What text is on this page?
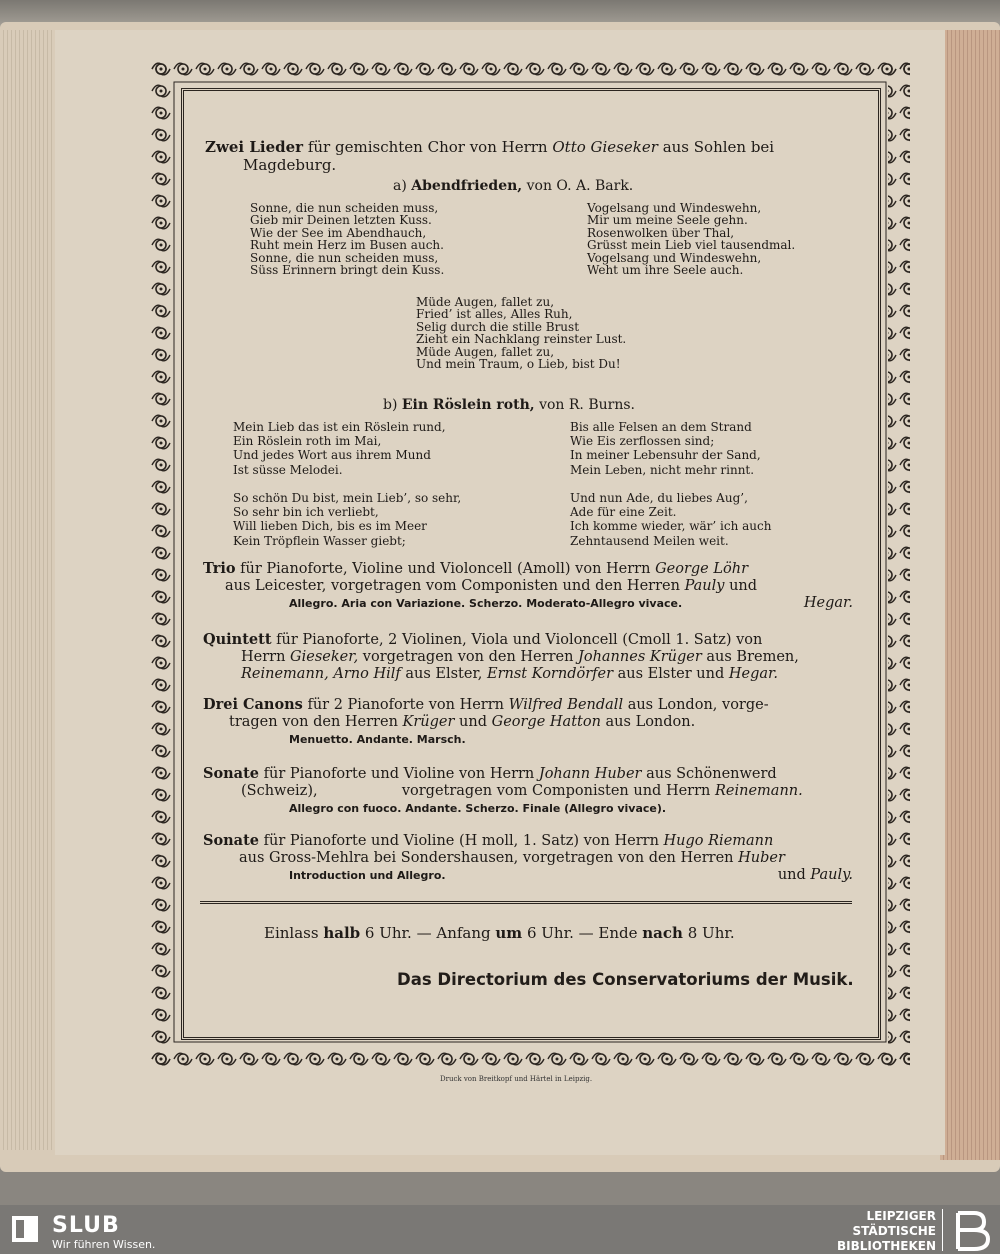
Zwei Lieder für gemischten Chor von Herrn Otto Gieseker aus Sohlen bei
Magdeburg.
a) Abendfrieden, von O. A. Bark.
Sonne, die nun scheiden muss,
Gieb mir Deinen letzten Kuss.
Wie der See im Abendhauch,
Ruht mein Herz im Busen auch.
Sonne, die nun scheiden muss,
Süss Erinnern bringt dein Kuss.
Vogelsang und Windeswehn,
Mir um meine Seele gehn.
Rosenwolken über Thal,
Grüsst mein Lieb viel tausendmal.
Vogelsang und Windeswehn,
Weht um ihre Seele auch.
Müde Augen, fallet zu,
Fried’ ist alles, Alles Ruh,
Selig durch die stille Brust
Zieht ein Nachklang reinster Lust.
Müde Augen, fallet zu,
Und mein Traum, o Lieb, bist Du!
b) Ein Röslein roth, von R. Burns.
Mein Lieb das ist ein Röslein rund,
Ein Röslein roth im Mai,
Und jedes Wort aus ihrem Mund
Ist süsse Melodei.
Bis alle Felsen an dem Strand
Wie Eis zerflossen sind;
In meiner Lebensuhr der Sand,
Mein Leben, nicht mehr rinnt.
So schön Du bist, mein Lieb’, so sehr,
So sehr bin ich verliebt,
Will lieben Dich, bis es im Meer
Kein Tröpflein Wasser giebt;
Und nun Ade, du liebes Aug’,
Ade für eine Zeit.
Ich komme wieder, wär’ ich auch
Zehntausend Meilen weit.
Trio für Pianoforte, Violine und Violoncell (Amoll) von Herrn George Löhr
aus Leicester, vorgetragen vom Componisten und den Herren Pauly und
Allegro. Aria con Variazione. Scherzo. Moderato-Allegro vivace.	Hegar.
Quintett für Pianoforte, 2 Violinen, Viola und Violoncell (Cmoll 1. Satz) von
Herrn Gieseker, vorgetragen von den Herren Johannes Krüger aus Bremen,
Reinemann, Arno Hilf aus Elster, Ernst Korndörfer aus Elster und Hegar.
Drei Canons für 2 Pianoforte von Herrn Wilfred Bendall aus London, vorge-
tragen von den Herren Krüger und George Hatton aus London.
Menuetto. Andante. Marsch.
Sonate für Pianoforte und Violine von Herrn Johann Huber aus Schönenwerd
(Schweiz),	vorgetragen vom Componisten und Herrn Reinemann.
Allegro con fuoco. Andante. Scherzo. Finale (Allegro vivace).
Sonate für Pianoforte und Violine (H moll, 1. Satz) von Herrn Hugo Riemann
aus Gross-Mehlra bei Sondershausen, vorgetragen von den Herren Huber
Introduction und Allegro.	und Pauly.
Einlass halb 6 Uhr. — Anfang um 6 Uhr. — Ende nach 8 Uhr.
Das Directorium des Conservatoriums der Musik.
Druck von Breitkopf und Härtel in Leipzig.
SLUB
Wir führen Wissen.
LEIPZIGER
STÄDTISCHE
BIBLIOTHEKEN
